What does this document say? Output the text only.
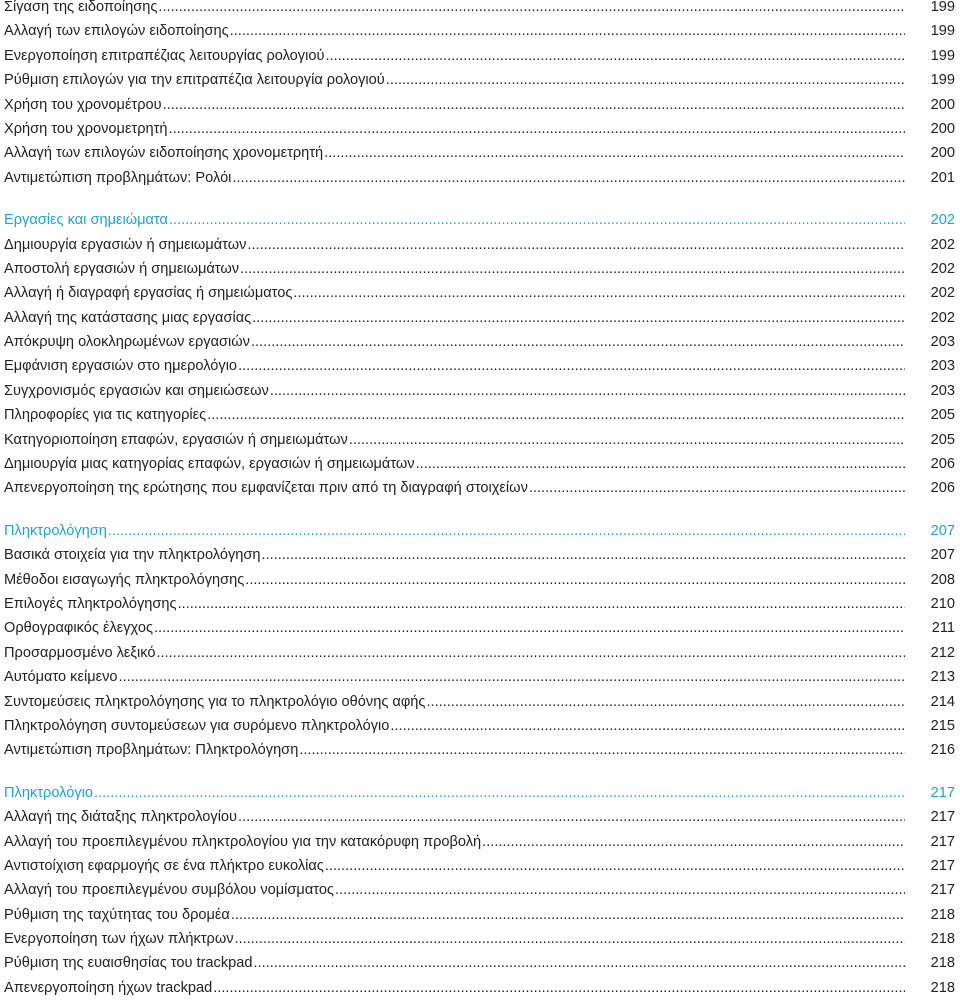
Σίγαση της ειδοποίησης .....	199
Αλλαγή των επιλογών ειδοποίησης .....	199
Ενεργοποίηση επιτραπέζιας λειτουργίας ρολογιού .....	199
Ρύθμιση επιλογών για την επιτραπέζια λειτουργία ρολογιού .....	199
Χρήση του χρονομέτρου .....	200
Χρήση του χρονομετρητή .....	200
Αλλαγή των επιλογών ειδοποίησης χρονομετρητή .....	200
Αντιμετώπιση προβλημάτων: Ρολόι .....	201
Εργασίες και σημειώματα .....	202
Δημιουργία εργασιών ή σημειωμάτων .....	202
Αποστολή εργασιών ή σημειωμάτων .....	202
Αλλαγή ή διαγραφή εργασίας ή σημειώματος .....	202
Αλλαγή της κατάστασης μιας εργασίας .....	202
Απόκρυψη ολοκληρωμένων εργασιών .....	203
Εμφάνιση εργασιών στο ημερολόγιο .....	203
Συγχρονισμός εργασιών και σημειώσεων .....	203
Πληροφορίες για τις κατηγορίες .....	205
Κατηγοριοποίηση επαφών, εργασιών ή σημειωμάτων .....	205
Δημιουργία μιας κατηγορίας επαφών, εργασιών ή σημειωμάτων .....	206
Απενεργοποίηση της ερώτησης που εμφανίζεται πριν από τη διαγραφή στοιχείων .....	206
Πληκτρολόγηση .....	207
Βασικά στοιχεία για την πληκτρολόγηση .....	207
Μέθοδοι εισαγωγής πληκτρολόγησης .....	208
Επιλογές πληκτρολόγησης .....	210
Ορθογραφικός έλεγχος .....	211
Προσαρμοσμένο λεξικό .....	212
Αυτόματο κείμενο .....	213
Συντομεύσεις πληκτρολόγησης για το πληκτρολόγιο οθόνης αφής .....	214
Πληκτρολόγηση συντομεύσεων για συρόμενο πληκτρολόγιο .....	215
Αντιμετώπιση προβλημάτων: Πληκτρολόγηση .....	216
Πληκτρολόγιο .....	217
Αλλαγή της διάταξης πληκτρολογίου .....	217
Αλλαγή του προεπιλεγμένου πληκτρολογίου για την κατακόρυφη προβολή .....	217
Αντιστοίχιση εφαρμογής σε ένα πλήκτρο ευκολίας .....	217
Αλλαγή του προεπιλεγμένου συμβόλου νομίσματος .....	217
Ρύθμιση της ταχύτητας του δρομέα .....	218
Ενεργοποίηση των ήχων πλήκτρων .....	218
Ρύθμιση της ευαισθησίας του trackpad .....	218
Απενεργοποίηση ήχων trackpad .....	218
